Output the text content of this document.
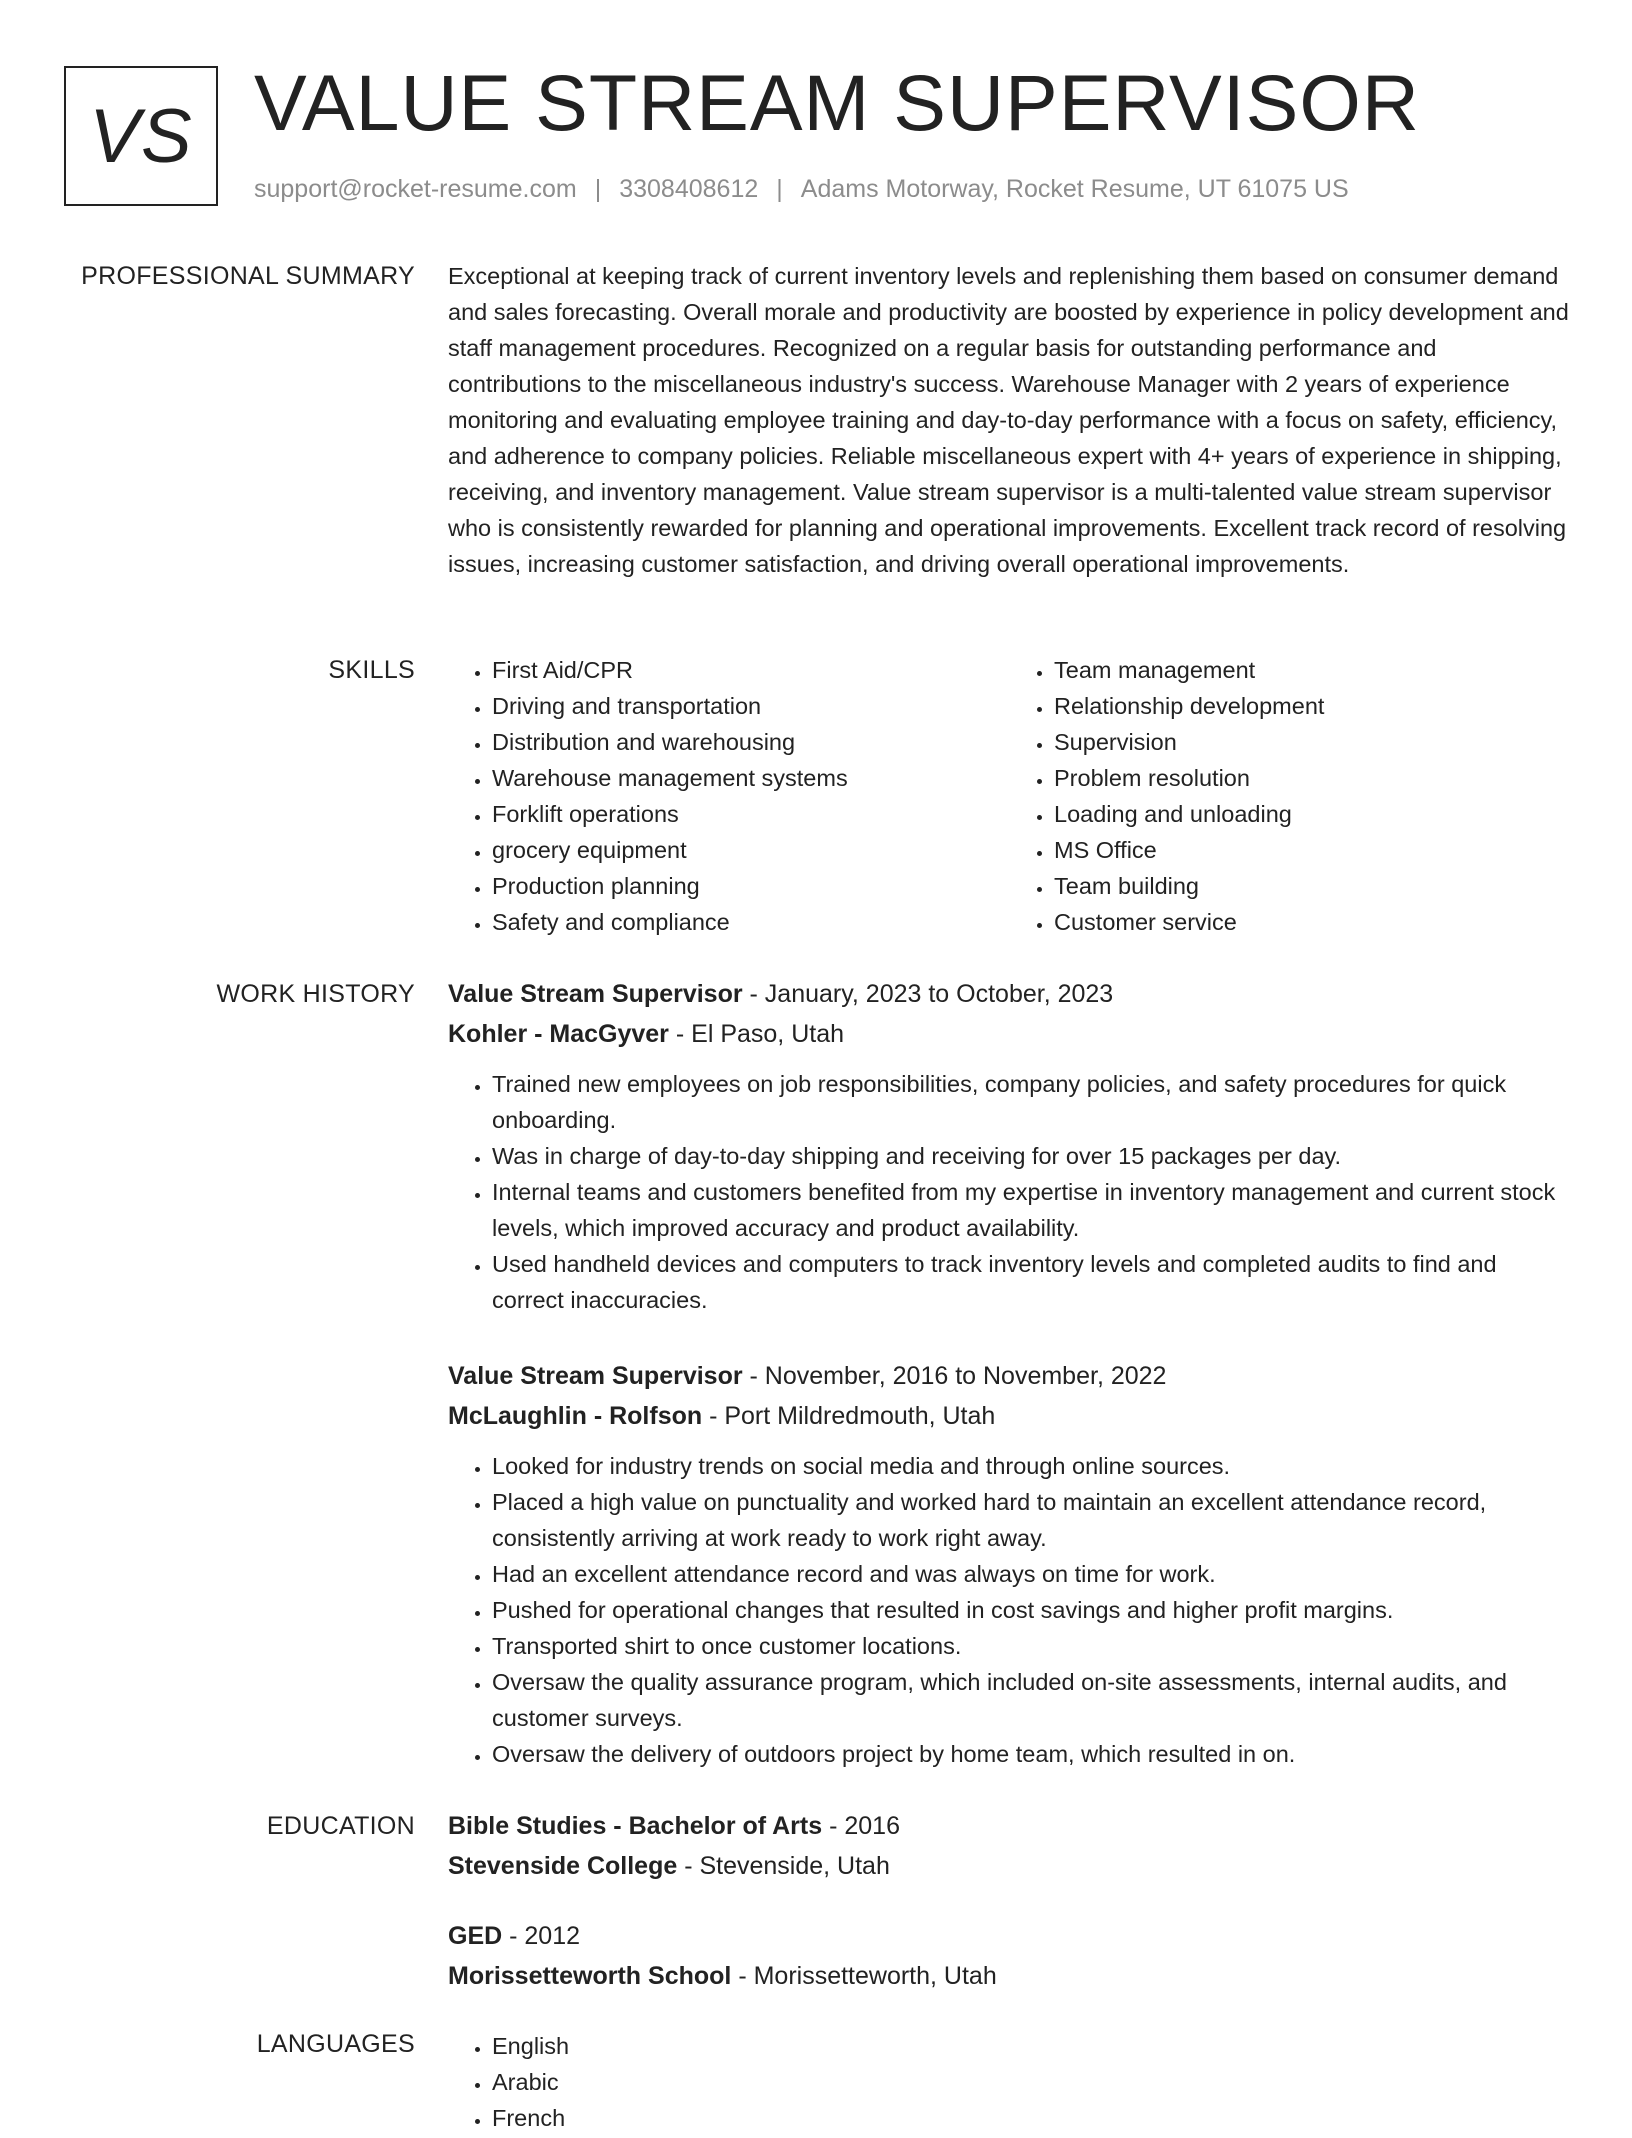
VS VALUE STREAM SUPERVISOR
support@rocket-resume.com | 3308408612 | Adams Motorway, Rocket Resume, UT 61075 US
PROFESSIONAL SUMMARY Exceptional at keeping track of current inventory levels and replenishing them based on consumer demand and sales forecasting. Overall morale and productivity are boosted by experience in policy development and staff management procedures. Recognized on a regular basis for outstanding performance and contributions to the miscellaneous industry's success. Warehouse Manager with 2 years of experience monitoring and evaluating employee training and day-to-day performance with a focus on safety, efficiency, and adherence to company policies. Reliable miscellaneous expert with 4+ years of experience in shipping, receiving, and inventory management. Value stream supervisor is a multi-talented value stream supervisor who is consistently rewarded for planning and operational improvements. Excellent track record of resolving issues, increasing customer satisfaction, and driving overall operational improvements.

SKILLS	• First Aid/CPR
• Driving and transportation
• Distribution and warehousing
• Warehouse management systems
• Forklift operations
• grocery equipment
• Production planning
• Safety and compliance
• Team management
• Relationship development
• Supervision
• Problem resolution
• Loading and unloading
• MS Office
• Team building
• Customer service
WORK HISTORY Value Stream Supervisor - January, 2023 to October, 2023
Kohler - MacGyver - El Paso, Utah
• Trained new employees on job responsibilities, company policies, and safety procedures for quick onboarding.
• Was in charge of day-to-day shipping and receiving for over 15 packages per day.
• Internal teams and customers benefited from my expertise in inventory management and current stock levels, which improved accuracy and product availability.
• Used handheld devices and computers to track inventory levels and completed audits to find and correct inaccuracies.
Value Stream Supervisor - November, 2016 to November, 2022
McLaughlin - Rolfson - Port Mildredmouth, Utah
• Looked for industry trends on social media and through online sources.
• Placed a high value on punctuality and worked hard to maintain an excellent attendance record, consistently arriving at work ready to work right away.
• Had an excellent attendance record and was always on time for work.
• Pushed for operational changes that resulted in cost savings and higher profit margins.
• Transported shirt to once customer locations.
• Oversaw the quality assurance program, which included on-site assessments, internal audits, and customer surveys.
• Oversaw the delivery of outdoors project by home team, which resulted in on.
EDUCATION Bible Studies - Bachelor of Arts - 2016
Stevenside College - Stevenside, Utah
GED - 2012
Morissetteworth School - Morissetteworth, Utah
LANGUAGES	• English
• Arabic
• French
